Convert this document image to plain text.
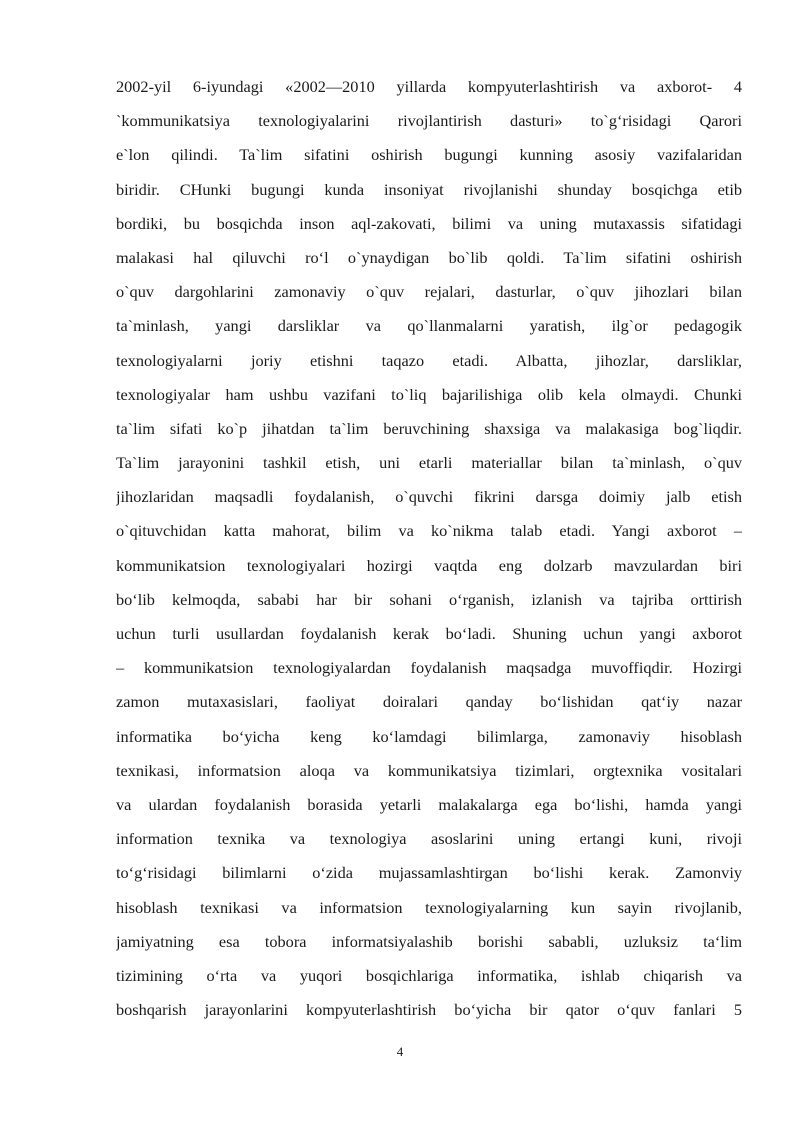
2002-yil 6-iyundagi «2002—2010 yillarda kompyuterlashtirish va axborot- 4
`kommunikatsiya texnologiyalarini rivojlantirish dasturi» to`g‘risidagi Qarori
e`lon qilindi. Ta`lim sifatini oshirish bugungi kunning asosiy vazifalaridan
biridir. CHunki bugungi kunda insoniyat rivojlanishi shunday bosqichga etib
bordiki, bu bosqichda inson aql-zakovati, bilimi va uning mutaxassis sifatidagi
malakasi hal qiluvchi ro‘l o`ynaydigan bo`lib qoldi. Ta`lim sifatini oshirish
o`quv dargohlarini zamonaviy o`quv rejalari, dasturlar, o`quv jihozlari bilan
ta`minlash, yangi darsliklar va qo`llanmalarni yaratish, ilg`or pedagogik
texnologiyalarni joriy etishni taqazo etadi. Albatta, jihozlar, darsliklar,
texnologiyalar ham ushbu vazifani to`liq bajarilishiga olib kela olmaydi. Chunki
ta`lim sifati ko`p jihatdan ta`lim beruvchining shaxsiga va malakasiga bog`liqdir.
Ta`lim jarayonini tashkil etish, uni etarli materiallar bilan ta`minlash, o`quv
jihozlaridan maqsadli foydalanish, o`quvchi fikrini darsga doimiy jalb etish
o`qituvchidan katta mahorat, bilim va ko`nikma talab etadi. Yangi axborot –
kommunikatsion texnologiyalari hozirgi vaqtda eng dolzarb mavzulardan biri
bo‘lib kelmoqda, sababi har bir sohani o‘rganish, izlanish va tajriba orttirish
uchun turli usullardan foydalanish kerak bo‘ladi. Shuning uchun yangi axborot
– kommunikatsion texnologiyalardan foydalanish maqsadga muvoffiqdir. Hozirgi
zamon mutaxasislari, faoliyat doiralari qanday bo‘lishidan qat‘iy nazar
informatika bo‘yicha keng ko‘lamdagi bilimlarga, zamonaviy hisoblash
texnikasi, informatsion aloqa va kommunikatsiya tizimlari, orgtexnika vositalari
va ulardan foydalanish borasida yetarli malakalarga ega bo‘lishi, hamda yangi
information texnika va texnologiya asoslarini uning ertangi kuni, rivoji
to‘g‘risidagi bilimlarni o‘zida mujassamlashtirgan bo‘lishi kerak. Zamonviy
hisoblash texnikasi va informatsion texnologiyalarning kun sayin rivojlanib,
jamiyatning esa tobora informatsiyalashib borishi sababli, uzluksiz ta‘lim
tizimining o‘rta va yuqori bosqichlariga informatika, ishlab chiqarish va
boshqarish jarayonlarini kompyuterlashtirish bo‘yicha bir qator o‘quv fanlari 5
4
